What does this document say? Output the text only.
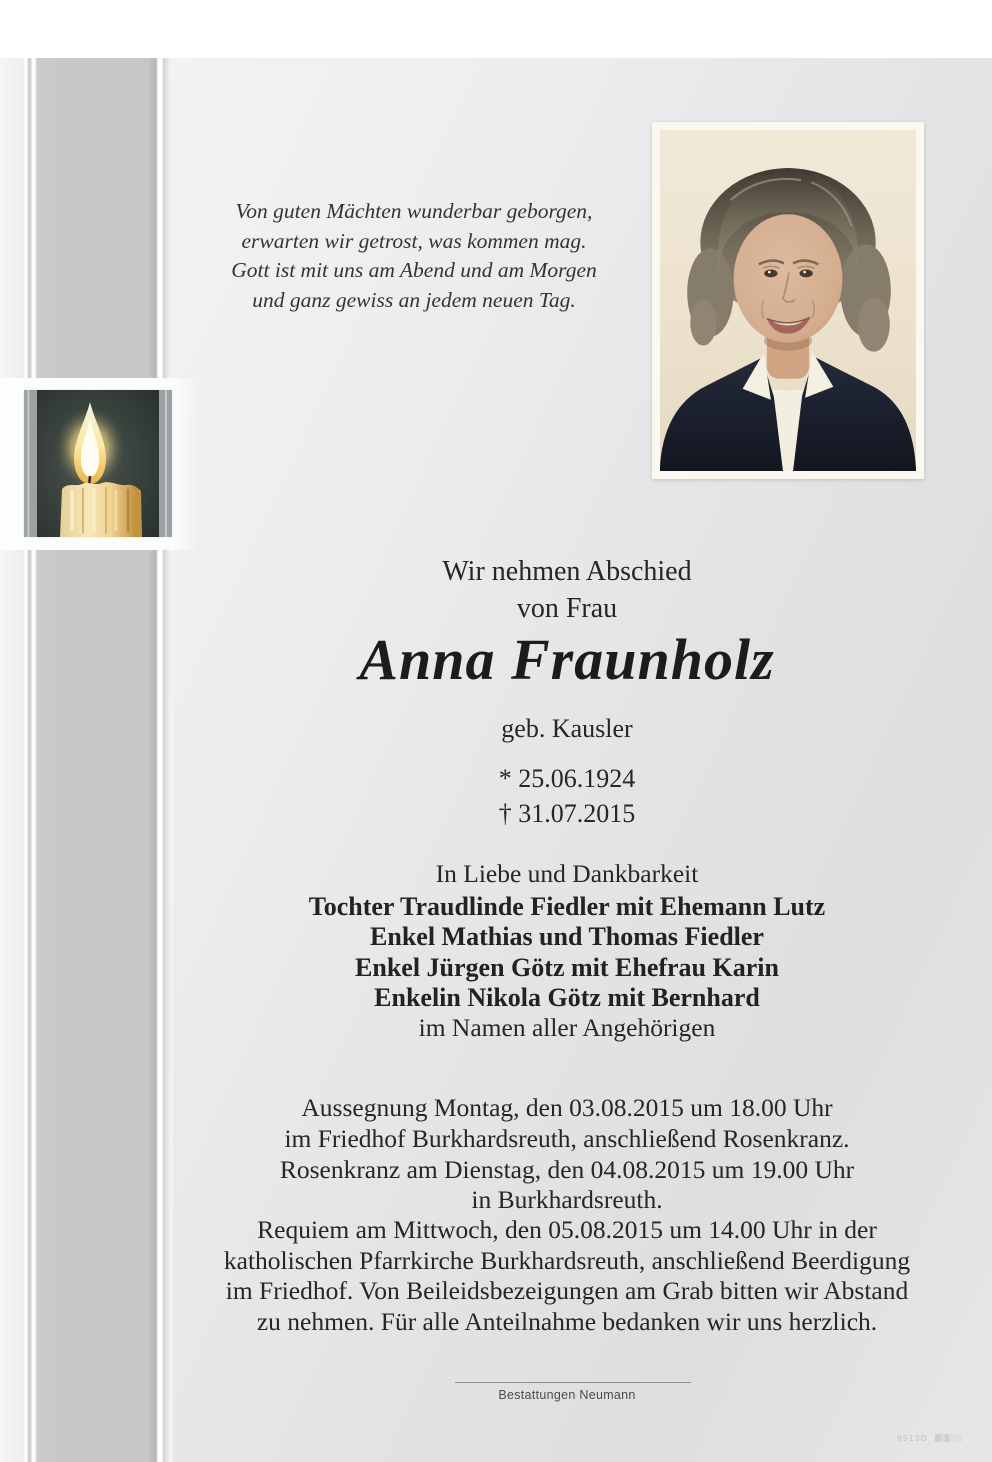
Von guten Mächten wunderbar geborgen,
erwarten wir getrost, was kommen mag.
Gott ist mit uns am Abend und am Morgen
und ganz gewiss an jedem neuen Tag.
Wir nehmen Abschied
von Frau
Anna Fraunholz
geb. Kausler
* 25.06.1924
† 31.07.2015
In Liebe und Dankbarkeit
Tochter Traudlinde Fiedler mit Ehemann Lutz
Enkel Mathias und Thomas Fiedler
Enkel Jürgen Götz mit Ehefrau Karin
Enkelin Nikola Götz mit Bernhard
im Namen aller Angehörigen
Aussegnung Montag, den 03.08.2015 um 18.00 Uhr
im Friedhof Burkhardsreuth, anschließend Rosenkranz.
Rosenkranz am Dienstag, den 04.08.2015 um 19.00 Uhr
in Burkhardsreuth.
Requiem am Mittwoch, den 05.08.2015 um 14.00 Uhr in der
katholischen Pfarrkirche Burkhardsreuth, anschließend Beerdigung
im Friedhof. Von Beileidsbezeigungen am Grab bitten wir Abstand
zu nehmen. Für alle Anteilnahme bedanken wir uns herzlich.
Bestattungen Neumann
8913D
